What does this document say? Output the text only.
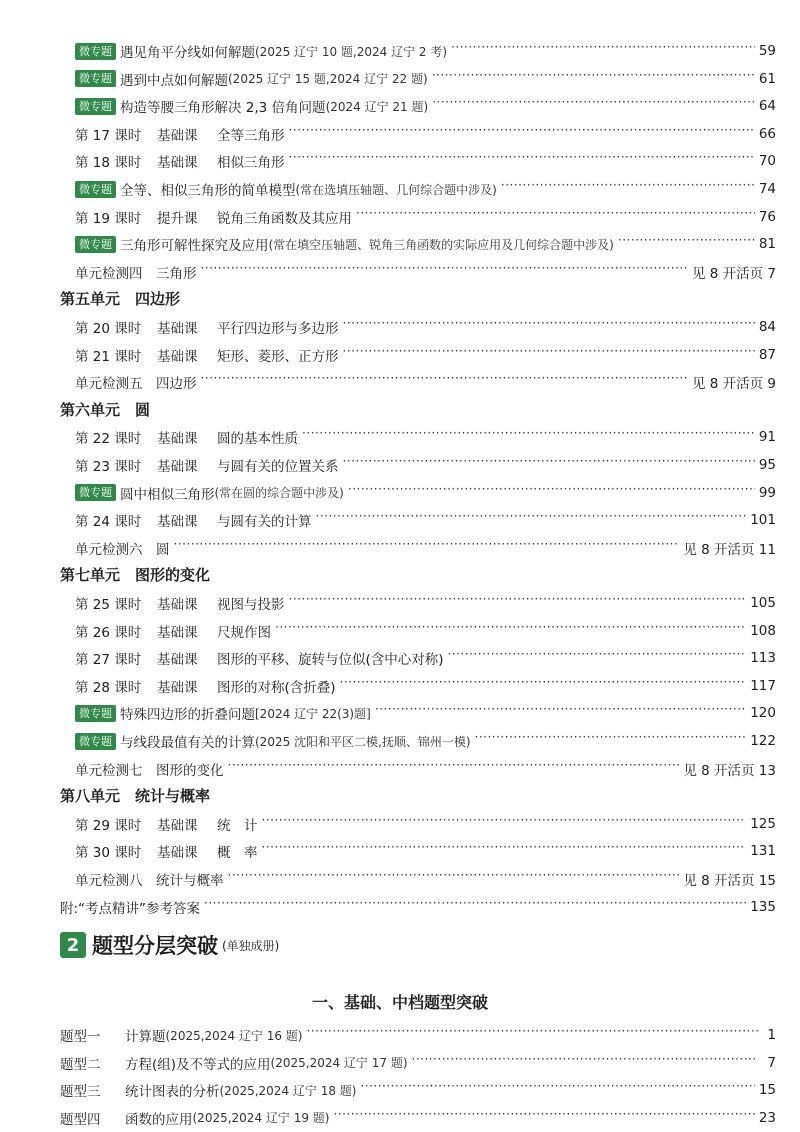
微专题 遇见角平分线如何解题 (2025 辽宁 10 题,2024 辽宁 2 考) ·····	59
微专题 遇到中点如何解题 (2025 辽宁 15 题,2024 辽宁 22 题) ·····	61
微专题 构造等腰三角形解决 2,3 倍角问题 (2024 辽宁 21 题) ·····	64
第 17 课时	基础课	全等三角形 ·····	66
第 18 课时	基础课	相似三角形 ·····	70
微专题 全等、相似三角形的简单模型 (常在选填压轴题、几何综合题中涉及) ·····	74
第 19 课时	提升课	锐角三角函数及其应用 ·····	76
微专题 三角形可解性探究及应用 (常在填空压轴题、锐角三角函数的实际应用及几何综合题中涉及) ·····	81
单元检测四　三角形 ·····	见 8 开活页 7
第五单元　四边形
第 20 课时	基础课	平行四边形与多边形 ·····	84
第 21 课时	基础课	矩形、菱形、正方形 ·····	87
单元检测五　四边形 ·····	见 8 开活页 9
第六单元　圆
第 22 课时	基础课	圆的基本性质 ·····	91
第 23 课时	基础课	与圆有关的位置关系 ·····	95
微专题 圆中相似三角形 (常在圆的综合题中涉及) ·····	99
第 24 课时	基础课	与圆有关的计算 ·····	101
单元检测六　圆 ·····	见 8 开活页 11
第七单元　图形的变化
第 25 课时	基础课	视图与投影 ·····	105
第 26 课时	基础课	尺规作图 ·····	108
第 27 课时	基础课	图形的平移、旋转与位似(含中心对称) ·····	113
第 28 课时	基础课	图形的对称(含折叠) ·····	117
微专题 特殊四边形的折叠问题 [2024 辽宁 22(3)题] ·····	120
微专题 与线段最值有关的计算 (2025 沈阳和平区二模,抚顺、锦州一模) ·····	122
单元检测七　图形的变化 ·····	见 8 开活页 13
第八单元　统计与概率
第 29 课时	基础课	统　计 ·····	125
第 30 课时	基础课	概　率 ·····	131
单元检测八　统计与概率 ·····	见 8 开活页 15
附:“考点精讲”参考答案 ·····	135
2 题型分层突破 (单独成册)
一、基础、中档题型突破
题型一	计算题 (2025,2024 辽宁 16 题) ·····	1
题型二	方程(组)及不等式的应用 (2025,2024 辽宁 17 题) ·····	7
题型三	统计图表的分析 (2025,2024 辽宁 18 题) ·····	15
题型四	函数的应用 (2025,2024 辽宁 19 题) ·····	23
